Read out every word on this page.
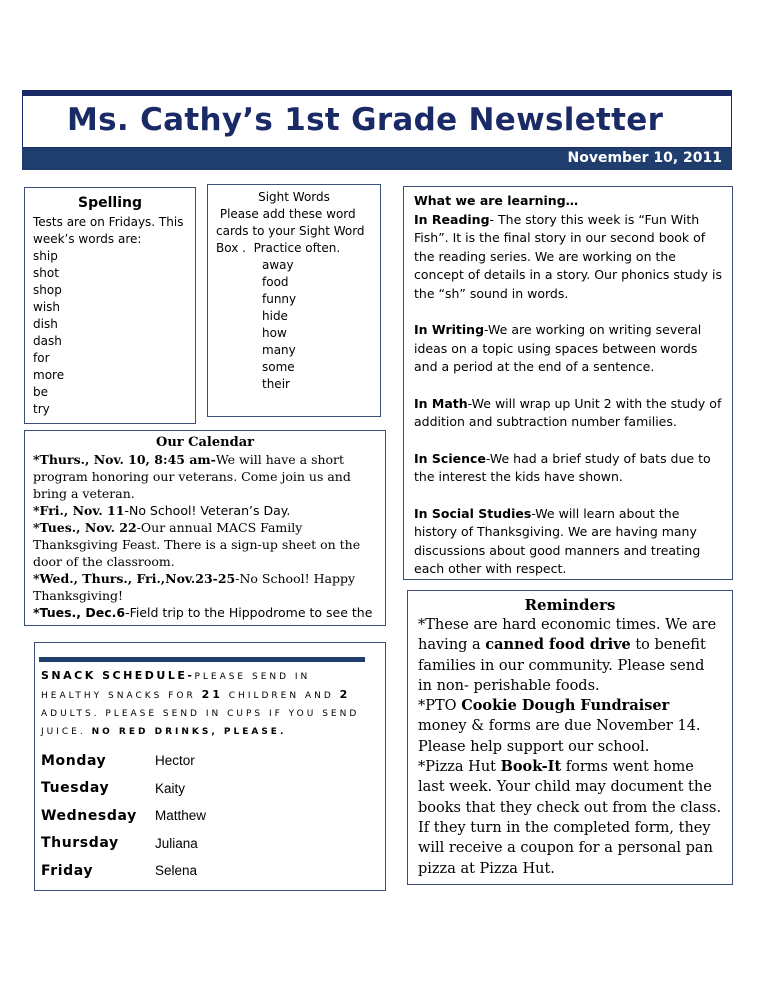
Ms. Cathy’s 1st Grade Newsletter
November 10, 2011
Spelling
Tests are on Fridays. This week’s words are:
ship
shot
shop
wish
dish
dash
for
more
be
try
Sight Words
Please add these word cards to your Sight Word Box .  Practice often.
away
food
funny
hide
how
many
some
their
What we are learning…

In Reading- The story this week is “Fun With Fish”. It is the final story in our second book of the reading series. We are working on the concept of details in a story. Our phonics study is the “sh” sound in words.

In Writing-We are working on writing several ideas on a topic using spaces between words and a period at the end of a sentence.

In Math-We will wrap up Unit 2 with the study of addition and subtraction number families.

In Science-We had a brief study of bats due to the interest the kids have shown.

In Social Studies-We will learn about the history of Thanksgiving. We are having many discussions about good manners and treating each other with respect.

Our Calendar
*Thurs., Nov. 10, 8:45 am-We will have a short program honoring our veterans. Come join us and bring a veteran.
*Fri., Nov. 11-No School! Veteran’s Day.
*Tues., Nov. 22-Our annual MACS Family Thanksgiving Feast. There is a sign-up sheet on the door of the classroom.
*Wed., Thurs., Fri.,Nov.23-25-No School! Happy Thanksgiving!
*Tues., Dec.6-Field trip to the Hippodrome to see the
SNACK SCHEDULE-PLEASE SEND IN HEALTHY SNACKS FOR 21 CHILDREN AND 2 ADULTS. PLEASE SEND IN CUPS IF YOU SEND JUICE. NO RED DRINKS, PLEASE.
Monday	Hector
Tuesday	Kaity
Wednesday	Matthew
Thursday	Juliana
Friday	Selena
Reminders
*These are hard economic times. We are having a canned food drive to benefit families in our community. Please send in non- perishable foods.
*PTO Cookie Dough Fundraiser money & forms are due November 14. Please help support our school.
*Pizza Hut Book-It forms went home last week. Your child may document the books that they check out from the class. If they turn in the completed form, they will receive a coupon for a personal pan pizza at Pizza Hut.
